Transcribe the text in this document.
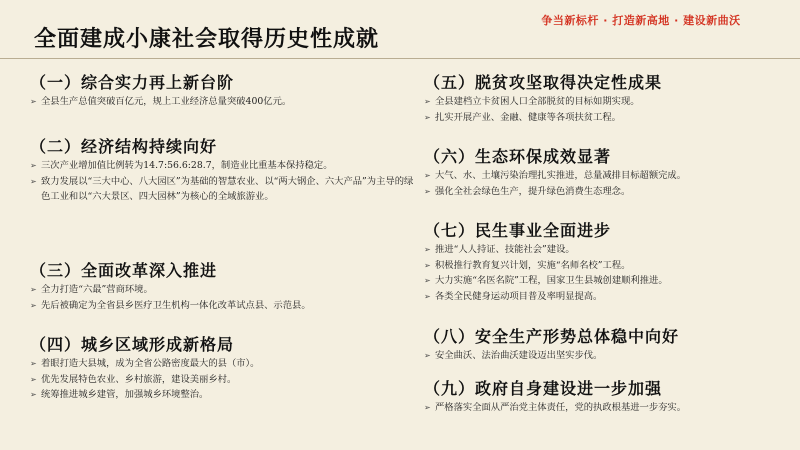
全面建成小康社会取得历史性成就
争当新标杆 · 打造新高地 · 建设新曲沃
（一）综合实力再上新台阶
➢ 全县生产总值突破百亿元，规上工业经济总量突破400亿元。
（二）经济结构持续向好
➢ 三次产业增加值比例转为14.7:56.6:28.7，制造业比重基本保持稳定。
➢ 致力发展以“三大中心、八大园区”为基础的智慧农业、以“两大钢企、六大产品”为主导的绿色工业和以“六大景区、四大园林”为核心的全域旅游业。
（三）全面改革深入推进
➢ 全力打造“六最”营商环境。
➢ 先后被确定为全省县乡医疗卫生机构一体化改革试点县、示范县。
（四）城乡区域形成新格局
➢ 着眼打造大县城，成为全省公路密度最大的县（市）。
➢ 优先发展特色农业、乡村旅游，建设美丽乡村。
➢ 统筹推进城乡建管，加强城乡环境整治。
（五）脱贫攻坚取得决定性成果
➢ 全县建档立卡贫困人口全部脱贫的目标如期实现。
➢ 扎实开展产业、金融、健康等各项扶贫工程。
（六）生态环保成效显著
➢ 大气、水、土壤污染治理扎实推进，总量减排目标超额完成。
➢ 强化全社会绿色生产，提升绿色消费生态理念。
（七）民生事业全面进步
➢ 推进“人人持证、技能社会”建设。
➢ 积极推行教育复兴计划，实施“名师名校”工程。
➢ 大力实施“名医名院”工程，国家卫生县城创建顺利推进。
➢ 各类全民健身运动项目普及率明显提高。
（八）安全生产形势总体稳中向好
➢ 安全曲沃、法治曲沃建设迈出坚实步伐。
（九）政府自身建设进一步加强
➢ 严格落实全面从严治党主体责任，党的执政根基进一步夯实。
